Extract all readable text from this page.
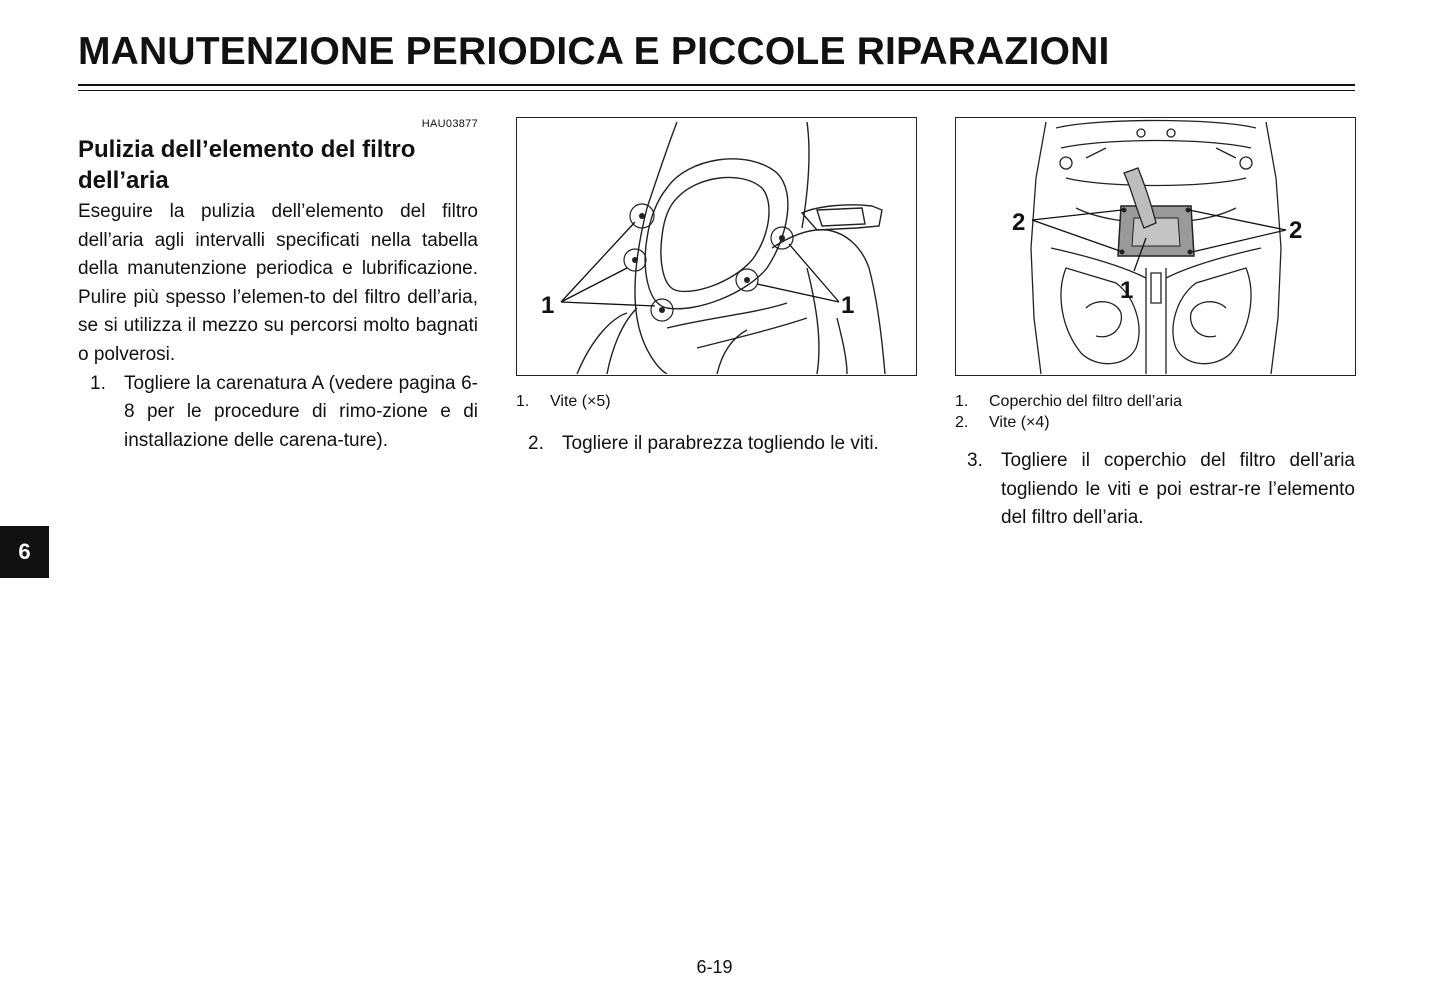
MANUTENZIONE PERIODICA E PICCOLE RIPARAZIONI
HAU03877
Pulizia dell’elemento del filtro dell’aria
Eseguire la pulizia dell’elemento del filtro dell’aria agli intervalli specificati nella tabella della manutenzione periodica e lubrificazione. Pulire più spesso l’elemen-to del filtro dell’aria, se si utilizza il mezzo su percorsi molto bagnati o polverosi.
1. Togliere la carenatura A (vedere pagina 6-8 per le procedure di rimo-zione e di installazione delle carena-ture).
1	1
1.	Vite (×5)
2. Togliere il parabrezza togliendo le viti.
2	2
1
1.	Coperchio del filtro dell’aria
2.	Vite (×4)
3. Togliere il coperchio del filtro dell’aria togliendo le viti e poi estrar-re l’elemento del filtro dell’aria.
6
6-19
